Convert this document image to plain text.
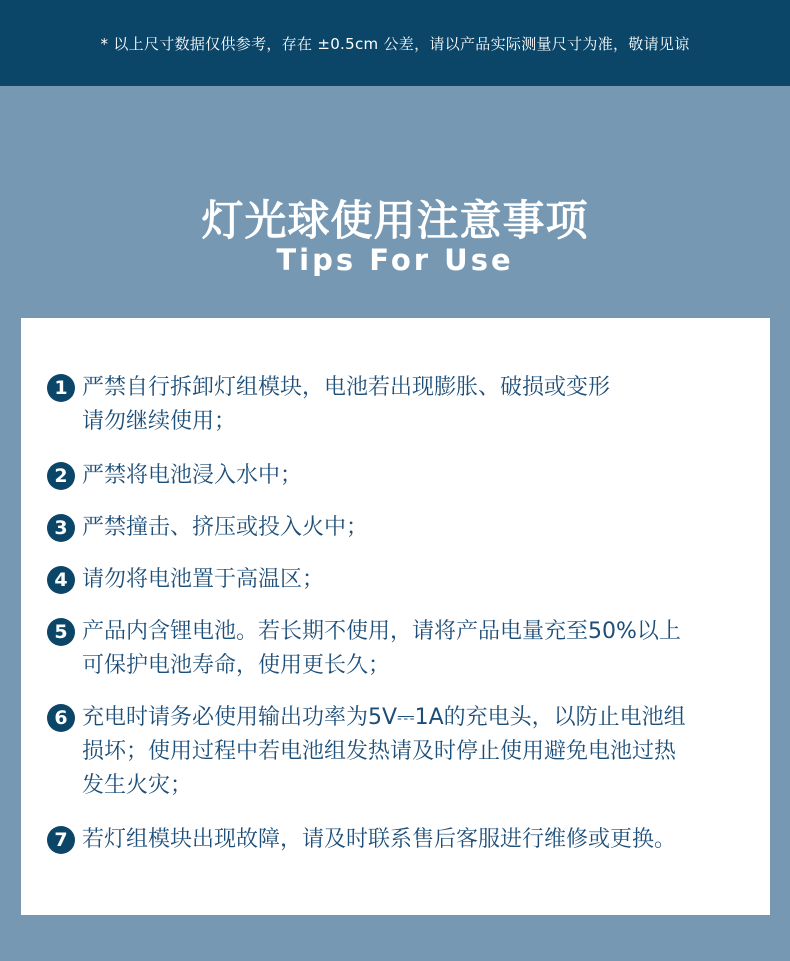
* 以上尺寸数据仅供参考，存在 ±0.5cm 公差，请以产品实际测量尺寸为准，敬请见谅
灯光球使用注意事项
Tips For Use
1 严禁自行拆卸灯组模块，电池若出现膨胀、破损或变形
请勿继续使用；
2 严禁将电池浸入水中；
3 严禁撞击、挤压或投入火中；
4 请勿将电池置于高温区；
5 产品内含锂电池。若长期不使用，请将产品电量充至50%以上
可保护电池寿命，使用更长久；
6 充电时请务必使用输出功率为5V⎓1A的充电头，以防止电池组
损坏；使用过程中若电池组发热请及时停止使用避免电池过热
发生火灾；
7 若灯组模块出现故障，请及时联系售后客服进行维修或更换。
